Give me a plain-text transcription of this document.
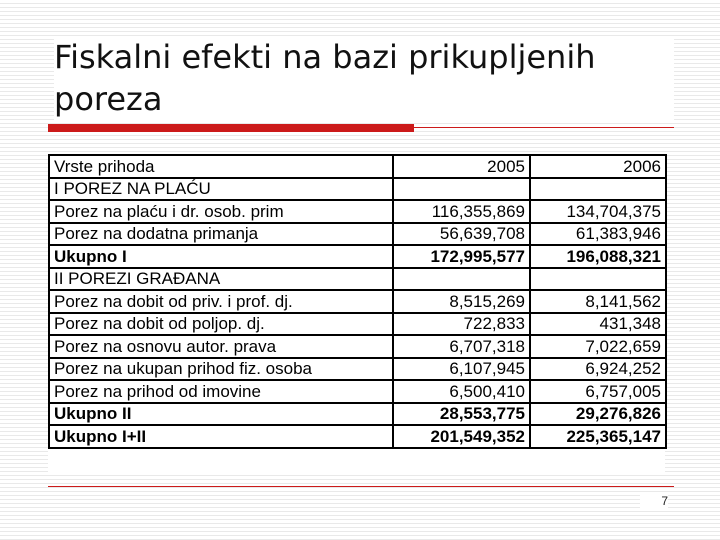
Fiskalni efekti na bazi prikupljenih poreza
Vrste prihoda	2005	2006
I POREZ NA PLAĆU		
Porez na plaću i dr. osob. prim	116,355,869	134,704,375
Porez na dodatna primanja	56,639,708	61,383,946
Ukupno I	172,995,577	196,088,321
II POREZI GRAĐANA		
Porez na dobit od priv. i prof. dj.	8,515,269	8,141,562
Porez na dobit od poljop. dj.	722,833	431,348
Porez na osnovu autor. prava	6,707,318	7,022,659
Porez na ukupan prihod fiz. osoba	6,107,945	6,924,252
Porez na prihod od imovine	6,500,410	6,757,005
Ukupno II	28,553,775	29,276,826
Ukupno I+II	201,549,352	225,365,147
7
